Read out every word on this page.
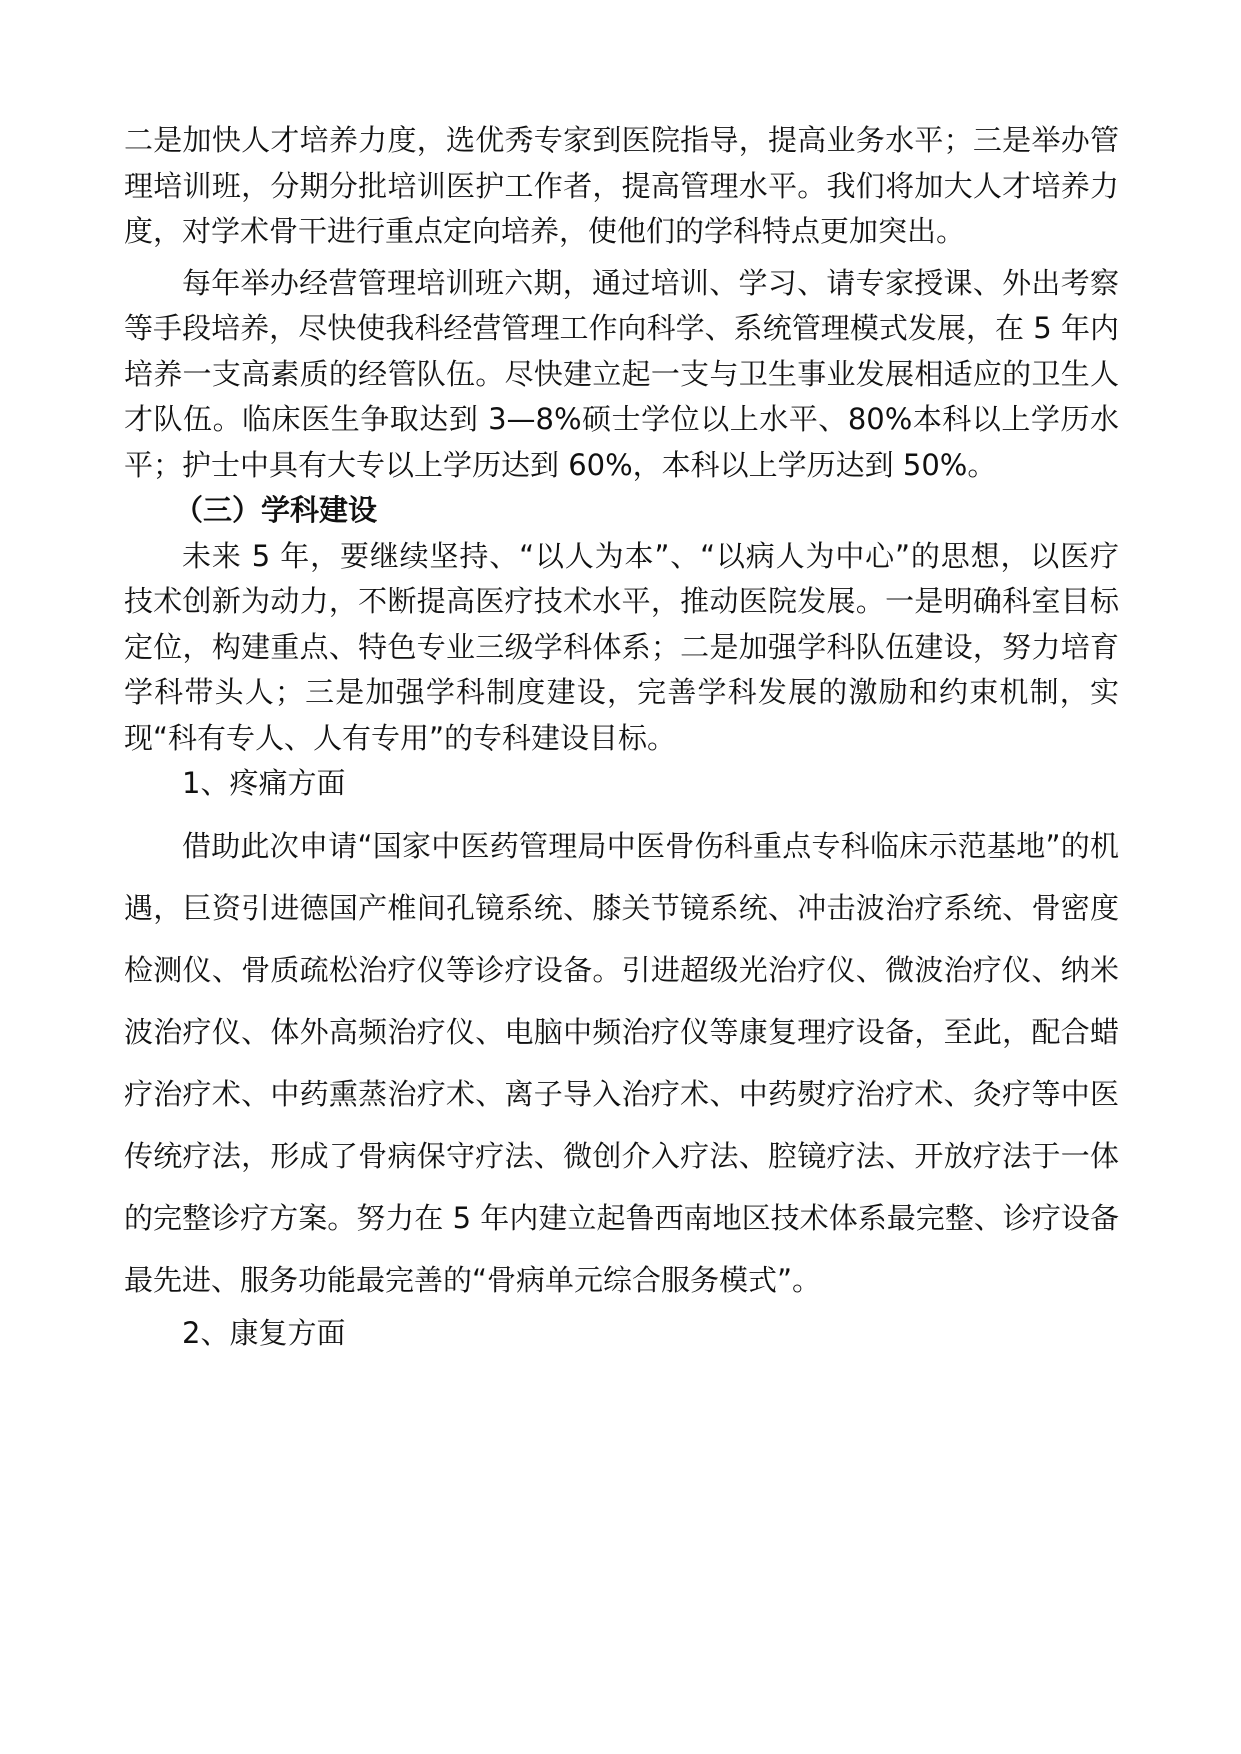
二是加快人才培养力度，选优秀专家到医院指导，提高业务水平；三是举办管理培训班，分期分批培训医护工作者，提高管理水平。我们将加大人才培养力度，对学术骨干进行重点定向培养，使他们的学科特点更加突出。

每年举办经营管理培训班六期，通过培训、学习、请专家授课、外出考察等手段培养，尽快使我科经营管理工作向科学、系统管理模式发展，在 5 年内培养一支高素质的经管队伍。尽快建立起一支与卫生事业发展相适应的卫生人才队伍。临床医生争取达到 3—8%硕士学位以上水平、80%本科以上学历水平；护士中具有大专以上学历达到 60%，本科以上学历达到 50%。

（三）学科建设

未来 5 年，要继续坚持、“以人为本”、“以病人为中心”的思想，以医疗技术创新为动力，不断提高医疗技术水平，推动医院发展。一是明确科室目标定位，构建重点、特色专业三级学科体系；二是加强学科队伍建设，努力培育学科带头人；三是加强学科制度建设，完善学科发展的激励和约束机制，实现“科有专人、人有专用”的专科建设目标。

1、疼痛方面

借助此次申请“国家中医药管理局中医骨伤科重点专科临床示范基地”的机遇，巨资引进德国产椎间孔镜系统、膝关节镜系统、冲击波治疗系统、骨密度检测仪、骨质疏松治疗仪等诊疗设备。引进超级光治疗仪、微波治疗仪、纳米波治疗仪、体外高频治疗仪、电脑中频治疗仪等康复理疗设备，至此，配合蜡疗治疗术、中药熏蒸治疗术、离子导入治疗术、中药熨疗治疗术、灸疗等中医传统疗法，形成了骨病保守疗法、微创介入疗法、腔镜疗法、开放疗法于一体的完整诊疗方案。努力在 5 年内建立起鲁西南地区技术体系最完整、诊疗设备最先进、服务功能最完善的“骨病单元综合服务模式”。

2、康复方面
